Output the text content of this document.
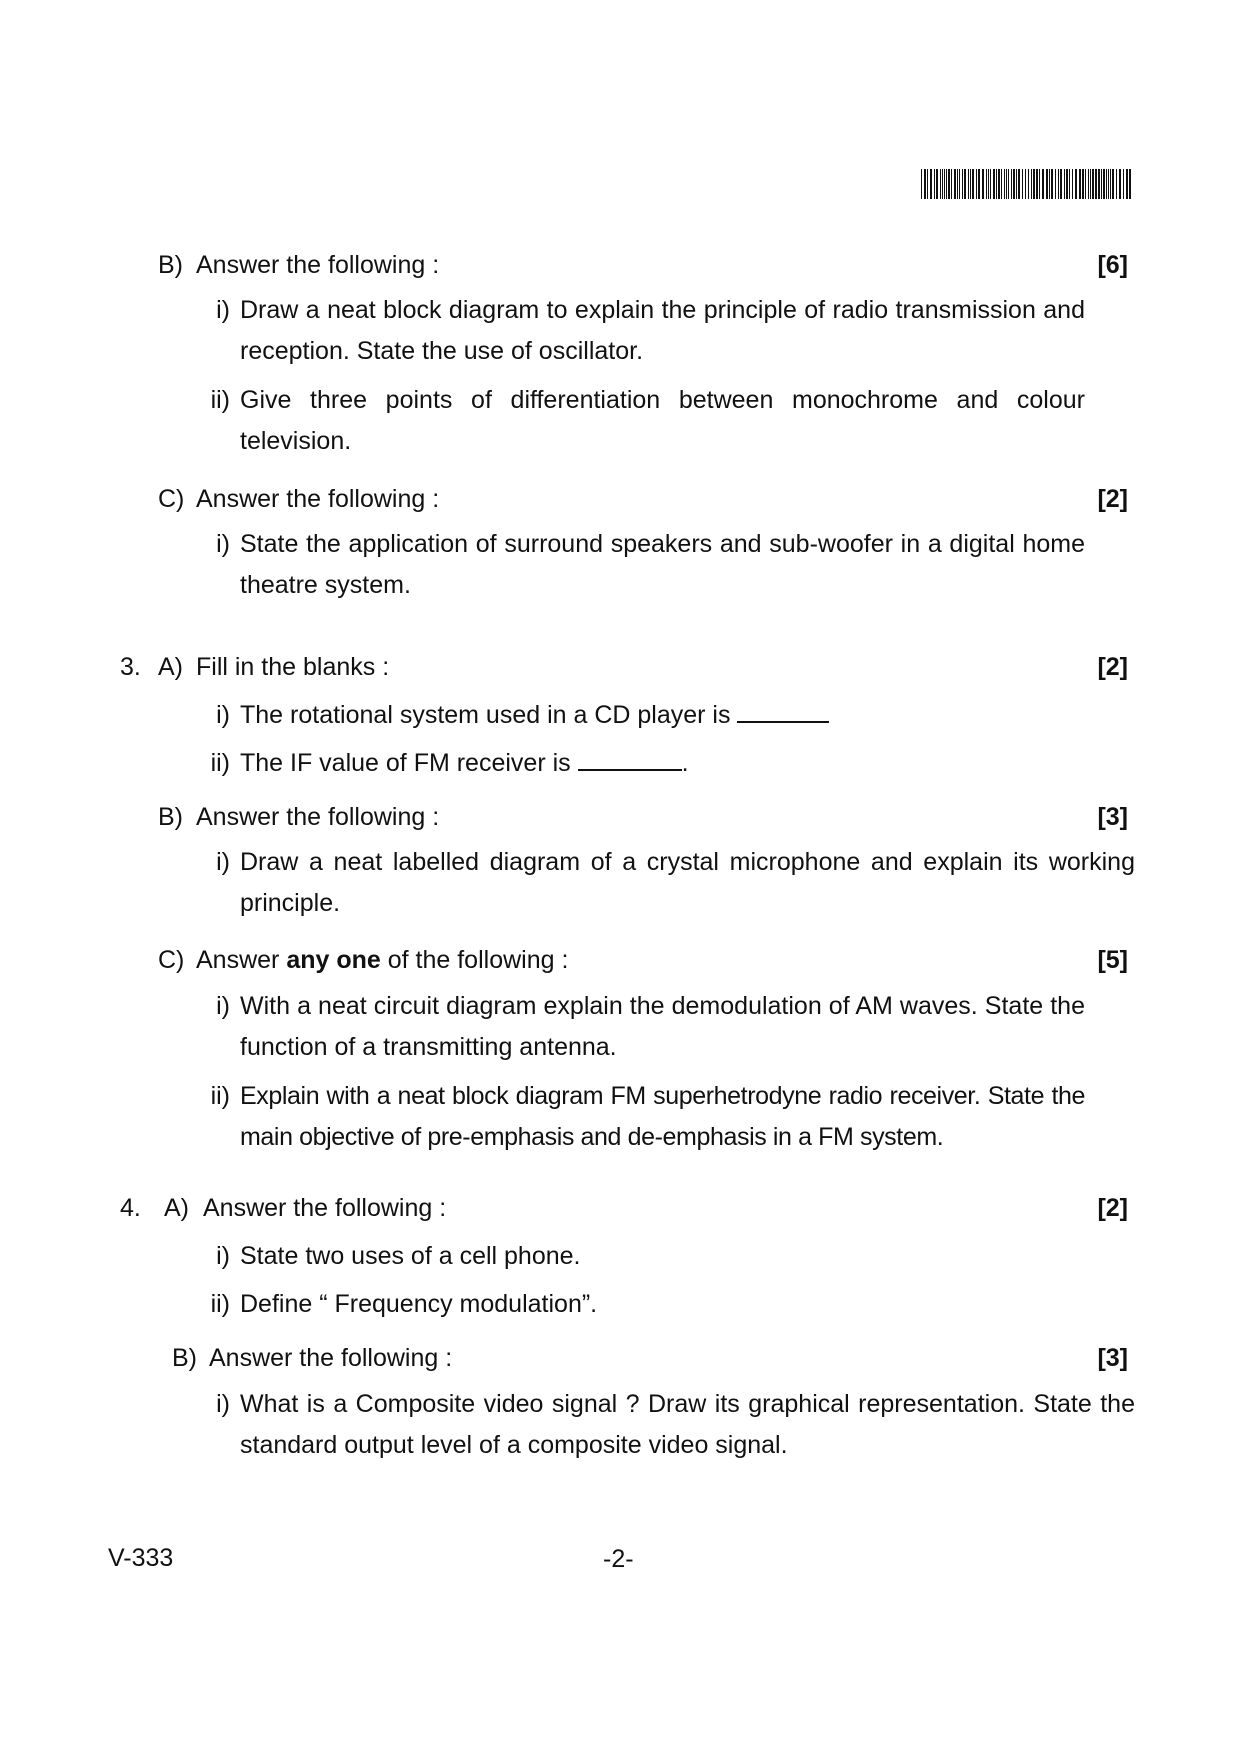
B) Answer the following :	[6]
i) Draw a neat block diagram to explain the principle of radio transmission and reception. State the use of oscillator.

ii) Give three points of differentiation between monochrome and colour television.

C) Answer the following :	[2]
i) State the application of surround speakers and sub-woofer in a digital home theatre system.

3. A) Fill in the blanks :	[2]
i) The rotational system used in a CD player is

ii) The IF value of FM receiver is	.

B) Answer the following :	[3]
i) Draw a neat labelled diagram of a crystal microphone and explain its working principle.

C) Answer any one of the following :	[5]
i) With a neat circuit diagram explain the demodulation of AM waves. State the function of a transmitting antenna.

ii) Explain with a neat block diagram FM superhetrodyne radio receiver. State the main objective of pre-emphasis and de-emphasis in a FM system.

4. A) Answer the following :	[2]
i) State two uses of a cell phone.

ii) Define “ Frequency modulation”.

B) Answer the following :	[3]
i) What is a Composite video signal ? Draw its graphical representation. State the standard output level of a composite video signal.

V-333	-2-
